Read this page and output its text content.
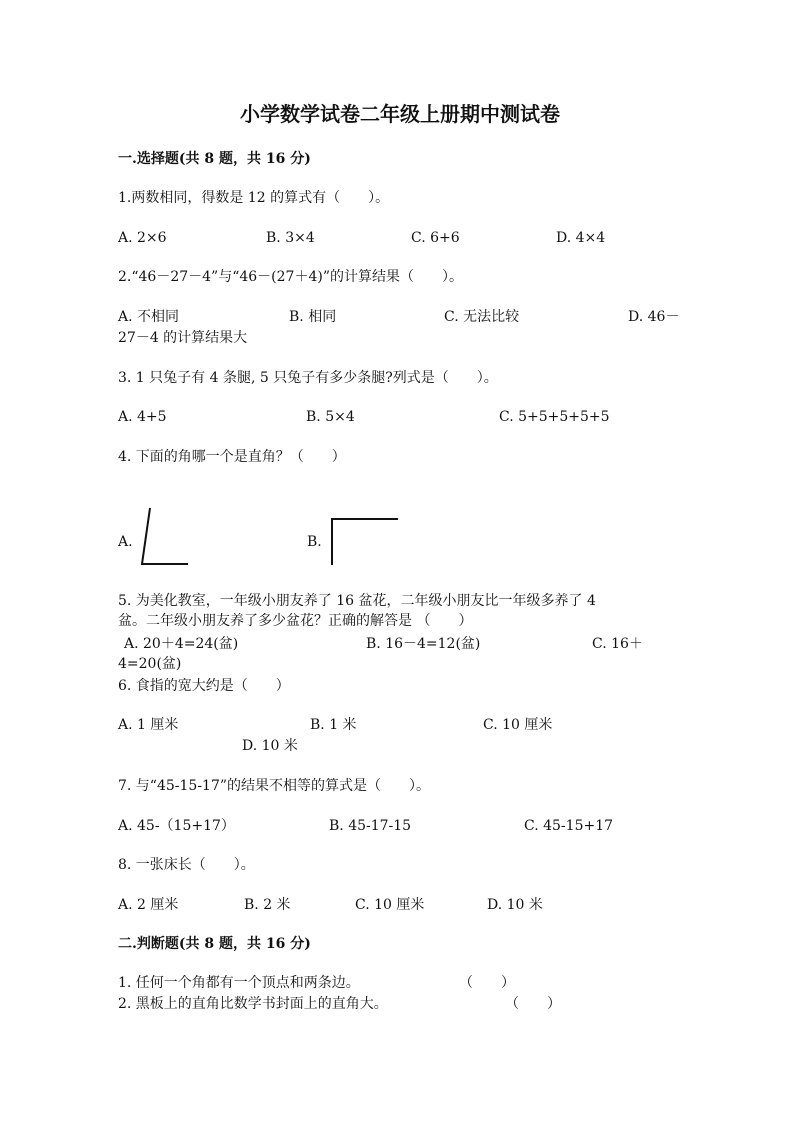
小学数学试卷二年级上册期中测试卷
一.选择题(共 8 题，共 16 分)
1.两数相同，得数是 12 的算式有（　　）。
A. 2×6	B. 3×4	C. 6+6	D. 4×4
2.“46－27－4”与“46－(27＋4)”的计算结果（　　）。
A. 不相同	B. 相同	C. 无法比较	D. 46－
27－4 的计算结果大
3. 1 只兔子有 4 条腿, 5 只兔子有多少条腿?列式是（　　）。
A. 4+5	B. 5×4	C. 5+5+5+5+5
4. 下面的角哪一个是直角？（　　）
A.	B.
5. 为美化教室，一年级小朋友养了 16 盆花，二年级小朋友比一年级多养了 4
盆。二年级小朋友养了多少盆花？正确的解答是 （　　）
A. 20＋4=24(盆)	B. 16－4=12(盆)	C. 16＋
4=20(盆)
6. 食指的宽大约是（　　）
A. 1 厘米	B. 1 米	C. 10 厘米
D. 10 米
7. 与“45-15-17”的结果不相等的算式是（　　）。
A. 45-（15+17）	B. 45-17-15	C. 45-15+17
8. 一张床长（　　）。
A. 2 厘米	B. 2 米	C. 10 厘米	D. 10 米
二.判断题(共 8 题，共 16 分)
1. 任何一个角都有一个顶点和两条边。	（　　）
2. 黑板上的直角比数学书封面上的直角大。	（　　）
